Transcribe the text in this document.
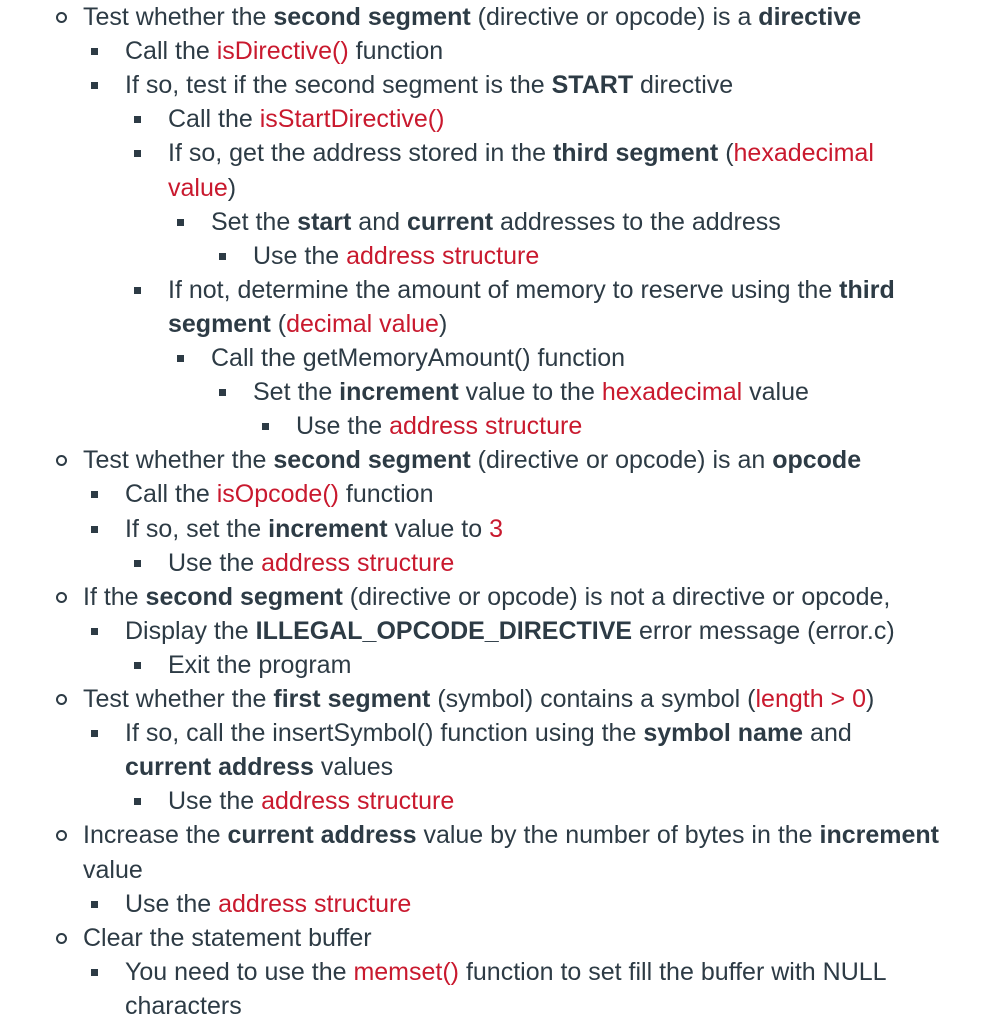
Test whether the second segment (directive or opcode) is a directive
Call the isDirective() function
If so, test if the second segment is the START directive
Call the isStartDirective()
If so, get the address stored in the third segment (hexadecimal
value)
Set the start and current addresses to the address
Use the address structure
If not, determine the amount of memory to reserve using the third
segment (decimal value)
Call the getMemoryAmount() function
Set the increment value to the hexadecimal value
Use the address structure
Test whether the second segment (directive or opcode) is an opcode
Call the isOpcode() function
If so, set the increment value to 3
Use the address structure
If the second segment (directive or opcode) is not a directive or opcode,
Display the ILLEGAL_OPCODE_DIRECTIVE error message (error.c)
Exit the program
Test whether the first segment (symbol) contains a symbol (length > 0)
If so, call the insertSymbol() function using the symbol name and
current address values
Use the address structure
Increase the current address value by the number of bytes in the increment
value
Use the address structure
Clear the statement buffer
You need to use the memset() function to set fill the buffer with NULL
characters
